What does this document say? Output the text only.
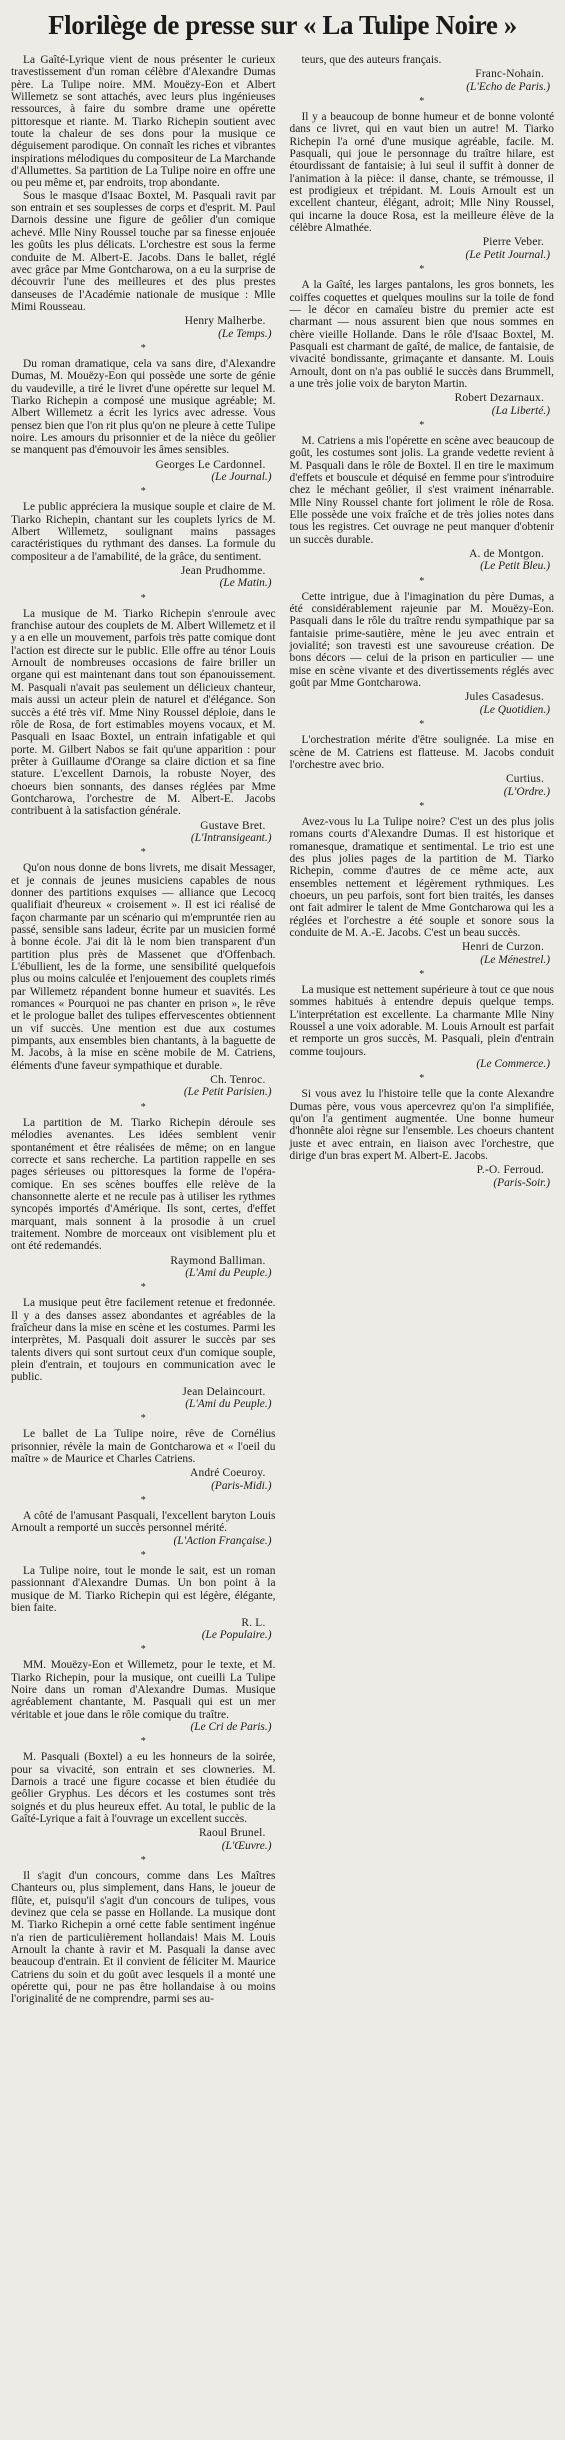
Florilège de presse sur « La Tulipe Noire »

La Gaîté-Lyrique vient de nous présenter le curieux travestissement d'un roman célèbre d'Alexandre Dumas père. La Tulipe noire. MM. Mouëzy-Eon et Albert Willemetz se sont attachés, avec leurs plus ingénieuses ressources, à faire du sombre drame une opérette pittoresque et riante. M. Tiarko Richepin soutient avec toute la chaleur de ses dons pour la musique ce déguisement parodique. On connaît les riches et vibrantes inspirations mélodiques du compositeur de La Marchande d'Allumettes. Sa partition de La Tulipe noire en offre une ou peu même et, par endroits, trop abondante.

Sous le masque d'Isaac Boxtel, M. Pasquali ravit par son entrain et ses souplesses de corps et d'esprit. M. Paul Darnois dessine une figure de geôlier d'un comique achevé. Mlle Niny Roussel touche par sa finesse enjouée les goûts les plus délicats. L'orchestre est sous la ferme conduite de M. Albert-E. Jacobs. Dans le ballet, réglé avec grâce par Mme Gontcharowa, on a eu la surprise de découvrir l'une des meilleures et des plus prestes danseuses de l'Académie nationale de musique : Mlle Mimi Rousseau.

Henry Malherbe.
(Le Temps.)
*

Du roman dramatique, cela va sans dire, d'Alexandre Dumas, M. Mouëzy-Eon qui possède une sorte de génie du vaudeville, a tiré le livret d'une opérette sur lequel M. Tiarko Richepin a composé une musique agréable; M. Albert Willemetz a écrit les lyrics avec adresse. Vous pensez bien que l'on rit plus qu'on ne pleure à cette Tulipe noire. Les amours du prisonnier et de la nièce du geôlier se manquent pas d'émouvoir les âmes sensibles.

Georges Le Cardonnel.
(Le Journal.)
*

Le public appréciera la musique souple et claire de M. Tiarko Richepin, chantant sur les couplets lyrics de M. Albert Willemetz, soulignant mains passages caractéristiques du rythmant des danses. La formule du compositeur a de l'amabilité, de la grâce, du sentiment.

Jean Prudhomme.
(Le Matin.)
*

La musique de M. Tiarko Richepin s'enroule avec franchise autour des couplets de M. Albert Willemetz et il y a en elle un mouvement, parfois très patte comique dont l'action est directe sur le public. Elle offre au ténor Louis Arnoult de nombreuses occasions de faire briller un organe qui est maintenant dans tout son épanouissement. M. Pasquali n'avait pas seulement un délicieux chanteur, mais aussi un acteur plein de naturel et d'élégance. Son succès a été très vif. Mme Niny Roussel déploie, dans le rôle de Rosa, de fort estimables moyens vocaux, et M. Pasquali en Isaac Boxtel, un entrain infatigable et qui porte. M. Gilbert Nabos se fait qu'une apparition : pour prêter à Guillaume d'Orange sa claire diction et sa fine stature. L'excellent Darnois, la robuste Noyer, des choeurs bien sonnants, des danses réglées par Mme Gontcharowa, l'orchestre de M. Albert-E. Jacobs contribuent à la satisfaction générale.

Gustave Bret.
(L'Intransigeant.)
*

Qu'on nous donne de bons livrets, me disait Messager, et je connais de jeunes musiciens capables de nous donner des partitions exquises — alliance que Lecocq qualifiait d'heureux « croisement ». Il est ici réalisé de façon charmante par un scénario qui m'empruntée rien au passé, sensible sans ladeur, écrite par un musicien formé à bonne école. J'ai dit là le nom bien transparent d'un partition plus près de Massenet que d'Offenbach. L'ébullient, les de la forme, une sensibilité quelquefois plus ou moins calculée et l'enjouement des couplets rimés par Willemetz répandent bonne humeur et suavités. Les romances « Pourquoi ne pas chanter en prison », le rêve et le prologue ballet des tulipes effervescentes obtiennent un vif succès. Une mention est due aux costumes pimpants, aux ensembles bien chantants, à la baguette de M. Jacobs, à la mise en scène mobile de M. Catriens, éléments d'une faveur sympathique et durable.

Ch. Tenroc.
(Le Petit Parisien.)
*

La partition de M. Tiarko Richepin déroule ses mélodies avenantes. Les idées semblent venir spontanément et être réalisées de même; on en langue correcte et sans recherche. La partition rappelle en ses pages sérieuses ou pittoresques la forme de l'opéra-comique. En ses scènes bouffes elle relève de la chansonnette alerte et ne recule pas à utiliser les rythmes syncopés importés d'Amérique. Ils sont, certes, d'effet marquant, mais sonnent à la prosodie à un cruel traitement. Nombre de morceaux ont visiblement plu et ont été redemandés.

Raymond Balliman.
(L'Ami du Peuple.)
*

La musique peut être facilement retenue et fredonnée. Il y a des danses assez abondantes et agréables de la fraîcheur dans la mise en scène et les costumes. Parmi les interprètes, M. Pasquali doit assurer le succès par ses talents divers qui sont surtout ceux d'un comique souple, plein d'entrain, et toujours en communication avec le public.

Jean Delaincourt.
(L'Ami du Peuple.)
*

Le ballet de La Tulipe noire, rêve de Cornélius prisonnier, révèle la main de Gontcharowa et « l'oeil du maître » de Maurice et Charles Catriens.

André Coeuroy.
(Paris-Midi.)
*

A côté de l'amusant Pasquali, l'excellent baryton Louis Arnoult a remporté un succès personnel mérité.

(L'Action Française.)
*

La Tulipe noire, tout le monde le sait, est un roman passionnant d'Alexandre Dumas. Un bon point à la musique de M. Tiarko Richepin qui est légère, élégante, bien faite.

R. L.
(Le Populaire.)
*

MM. Mouëzy-Eon et Willemetz, pour le texte, et M. Tiarko Richepin, pour la musique, ont cueilli La Tulipe Noire dans un roman d'Alexandre Dumas. Musique agréablement chantante, M. Pasquali qui est un mer véritable et joue dans le rôle comique du traître.

(Le Cri de Paris.)
*

M. Pasquali (Boxtel) a eu les honneurs de la soirée, pour sa vivacité, son entrain et ses clowneries. M. Darnois a tracé une figure cocasse et bien étudiée du geôlier Gryphus. Les décors et les costumes sont très soignés et du plus heureux effet. Au total, le public de la Gaîté-Lyrique a fait à l'ouvrage un excellent succès.

Raoul Brunel.
(L'Œuvre.)
*

Il s'agit d'un concours, comme dans Les Maîtres Chanteurs ou, plus simplement, dans Hans, le joueur de flûte, et, puisqu'il s'agit d'un concours de tulipes, vous devinez que cela se passe en Hollande. La musique dont M. Tiarko Richepin a orné cette fable sentiment ingénue n'a rien de particulièrement hollandais! Mais M. Louis Arnoult la chante à ravir et M. Pasquali la danse avec beaucoup d'entrain. Et il convient de féliciter M. Maurice Catriens du soin et du goût avec lesquels il a monté une opérette qui, pour ne pas être hollandaise à ou moins l'originalité de ne comprendre, parmi ses au-

teurs, que des auteurs français.

Franc-Nohain.
(L'Echo de Paris.)
*

Il y a beaucoup de bonne humeur et de bonne volonté dans ce livret, qui en vaut bien un autre! M. Tiarko Richepin l'a orné d'une musique agréable, facile. M. Pasquali, qui joue le personnage du traître hilare, est étourdissant de fantaisie; à lui seul il suffit à donner de l'animation à la pièce: il danse, chante, se trémousse, il est prodigieux et trépidant. M. Louis Arnoult est un excellent chanteur, élégant, adroit; Mlle Niny Roussel, qui incarne la douce Rosa, est la meilleure élève de la célèbre Almathée.

Pierre Veber.
(Le Petit Journal.)
*

A la Gaîté, les larges pantalons, les gros bonnets, les coiffes coquettes et quelques moulins sur la toile de fond — le décor en camaïeu bistre du premier acte est charmant — nous assurent bien que nous sommes en chère vieille Hollande. Dans le rôle d'Isaac Boxtel, M. Pasquali est charmant de gaîté, de malice, de fantaisie, de vivacité bondissante, grimaçante et dansante. M. Louis Arnoult, dont on n'a pas oublié le succès dans Brummell, a une très jolie voix de baryton Martin.

Robert Dezarnaux.
(La Liberté.)
*

M. Catriens a mis l'opérette en scène avec beaucoup de goût, les costumes sont jolis. La grande vedette revient à M. Pasquali dans le rôle de Boxtel. Il en tire le maximum d'effets et bouscule et déquisé en femme pour s'introduire chez le méchant geôlier, il s'est vraiment inénarrable. Mlle Niny Roussel chante fort joliment le rôle de Rosa. Elle possède une voix fraîche et de très jolies notes dans tous les registres. Cet ouvrage ne peut manquer d'obtenir un succès durable.

A. de Montgon.
(Le Petit Bleu.)
*

Cette intrigue, due à l'imagination du père Dumas, a été considérablement rajeunie par M. Mouëzy-Eon. Pasquali dans le rôle du traître rendu sympathique par sa fantaisie prime-sautière, mène le jeu avec entrain et jovialité; son travesti est une savoureuse création. De bons décors — celui de la prison en particulier — une mise en scène vivante et des divertissements réglés avec goût par Mme Gontcharowa.

Jules Casadesus.
(Le Quotidien.)
*

L'orchestration mérite d'être soulignée. La mise en scène de M. Catriens est flatteuse. M. Jacobs conduit l'orchestre avec brio.

Curtius.
(L'Ordre.)
*

Avez-vous lu La Tulipe noire? C'est un des plus jolis romans courts d'Alexandre Dumas. Il est historique et romanesque, dramatique et sentimental. Le trio est une des plus jolies pages de la partition de M. Tiarko Richepin, comme d'autres de ce même acte, aux ensembles nettement et légèrement rythmiques. Les choeurs, un peu parfois, sont fort bien traités, les danses ont fait admirer le talent de Mme Gontcharowa qui les a réglées et l'orchestre a été souple et sonore sous la conduite de M. A.-E. Jacobs. C'est un beau succès.

Henri de Curzon.
(Le Ménestrel.)
*

La musique est nettement supérieure à tout ce que nous sommes habitués à entendre depuis quelque temps. L'interprétation est excellente. La charmante Mlle Niny Roussel a une voix adorable. M. Louis Arnoult est parfait et remporte un gros succès, M. Pasquali, plein d'entrain comme toujours.

(Le Commerce.)
*

Si vous avez lu l'histoire telle que la conte Alexandre Dumas père, vous vous apercevrez qu'on l'a simplifiée, qu'on l'a gentiment augmentée. Une bonne humeur d'honnête aloi règne sur l'ensemble. Les choeurs chantent juste et avec entrain, en liaison avec l'orchestre, que dirige d'un bras expert M. Albert-E. Jacobs.

P.-O. Ferroud.
(Paris-Soir.)
